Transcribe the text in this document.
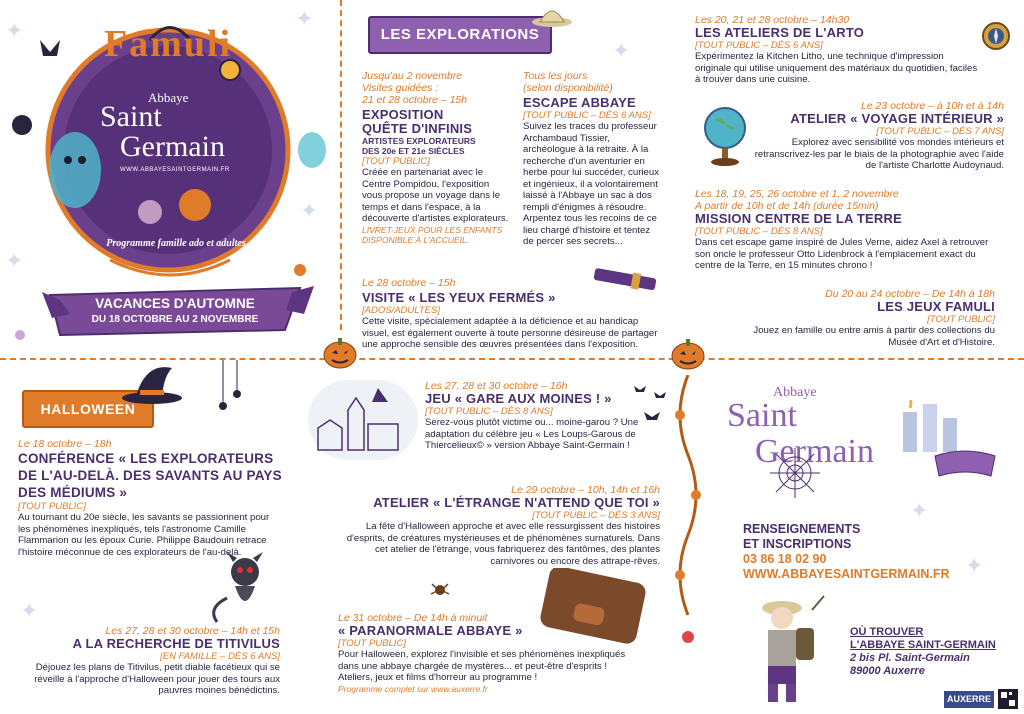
✦	✦
✦
✦
✦
✦
✦
✦
Famuli
Abbaye
Saint
Germain
WWW.ABBAYESAINTGERMAIN.FR
Programme famille ado et adultes
VACANCES D'AUTOMNE
DU 18 OCTOBRE AU 2 NOVEMBRE
LES EXPLORATIONS
Jusqu'au 2 novembre
Visites guidées :
21 et 28 octobre – 15h
EXPOSITION
QUÊTE D'INFINIS
ARTISTES EXPLORATEURS
DES 20e ET 21e SIÈCLES
[TOUT PUBLIC]
Créée en partenariat avec le Centre Pompidou, l'exposition vous propose un voyage dans le temps et dans l'espace, à la découverte d'artistes explorateurs.
LIVRET-JEUX POUR LES ENFANTS DISPONIBLE À L'ACCUEIL.
Tous les jours
(selon disponibilité)
ESCAPE ABBAYE
[TOUT PUBLIC – DÈS 6 ANS]
Suivez les traces du professeur Archambaud Tissier, archéologue à la retraite. À la recherche d'un aventurier en herbe pour lui succéder, curieux et ingénieux, il a volontairement laissé à l'Abbaye un sac à dos rempli d'énigmes à résoudre. Arpentez tous les recoins de ce lieu chargé d'histoire et tentez de percer ses secrets...
Le 28 octobre – 15h
VISITE « LES YEUX FERMÉS »
[ADOS/ADULTES]
Cette visite, spécialement adaptée à la déficience et au handicap visuel, est également ouverte à toute personne désireuse de partager une approche sensible des œuvres présentées dans l'exposition.
Les 20, 21 et 28 octobre – 14h30
LES ATELIERS DE L'ARTO
[TOUT PUBLIC – DÈS 6 ANS]
Expérimentez la Kitchen Litho, une technique d'impression originale qui utilise uniquement des matériaux du quotidien, faciles à trouver dans une cuisine.
Le 23 octobre – à 10h et à 14h
ATELIER « VOYAGE INTÉRIEUR »
[TOUT PUBLIC – DÈS 7 ANS]
Explorez avec sensibilité vos mondes intérieurs et retranscrivez-les par le biais de la photographie avec l'aide de l'artiste Charlotte Audoynaud.
Les 18, 19, 25, 26 octobre et 1, 2 novembre
A partir de 10h et de 14h (durée 15min)
MISSION CENTRE DE LA TERRE
[TOUT PUBLIC – DÈS 8 ANS]
Dans cet escape game inspiré de Jules Verne, aidez Axel à retrouver son oncle le professeur Otto Lidenbrock à l'emplacement exact du centre de la Terre, en 15 minutes chrono !
Du 20 au 24 octobre – De 14h à 18h
LES JEUX FAMULI
[TOUT PUBLIC]
Jouez en famille ou entre amis à partir des collections du Musée d'Art et d'Histoire.
HALLOWEEN
Le 18 octobre – 18h
CONFÉRENCE « LES EXPLORATEURS DE L'AU-DELÀ. DES SAVANTS AU PAYS DES MÉDIUMS »
[TOUT PUBLIC]
Au tournant du 20e siècle, les savants se passionnent pour les phénomènes inexpliqués, tels l'astronome Camille Flammarion ou les époux Curie. Philippe Baudouin retrace l'histoire méconnue de ces explorateurs de l'au-delà.
Les 27, 28 et 30 octobre – 14h et 15h
A LA RECHERCHE DE TITIVILUS
[EN FAMILLE – DÈS 6 ANS]
Déjouez les plans de Titivilus, petit diable facétieux qui se réveille à l'approche d'Halloween pour jouer des tours aux pauvres moines bénédictins.
Les 27, 28 et 30 octobre – 16h
JEU « GARE AUX MOINES ! »
[TOUT PUBLIC – DÈS 8 ANS]
Serez-vous plutôt victime ou... moine-garou ? Une adaptation du célèbre jeu « Les Loups-Garous de Thiercelieux© » version Abbaye Saint-Germain !
Le 29 octobre – 10h, 14h et 16h
ATELIER « L'ÉTRANGE N'ATTEND QUE TOI »
[TOUT PUBLIC – DÈS 3 ANS]
La fête d'Halloween approche et avec elle ressurgissent des histoires d'esprits, de créatures mystérieuses et de phénomènes surnaturels. Dans cet atelier de l'étrange, vous fabriquerez des fantômes, des plantes carnivores ou encore des attrape-rêves.
Le 31 octobre – De 14h à minuit
« PARANORMALE ABBAYE »
[TOUT PUBLIC]
Pour Halloween, explorez l'invisible et ses phénomènes inexpliqués dans une abbaye chargée de mystères... et peut-être d'esprits ! Ateliers, jeux et films d'horreur au programme !
Programme complet sur www.auxerre.fr
Abbaye
Saint
Germain
RENSEIGNEMENTS
ET INSCRIPTIONS
03 86 18 02 90
WWW.ABBAYESAINTGERMAIN.FR
OÙ TROUVER
L'ABBAYE SAINT-GERMAIN
2 bis Pl. Saint-Germain
89000 Auxerre
AUXERRE
